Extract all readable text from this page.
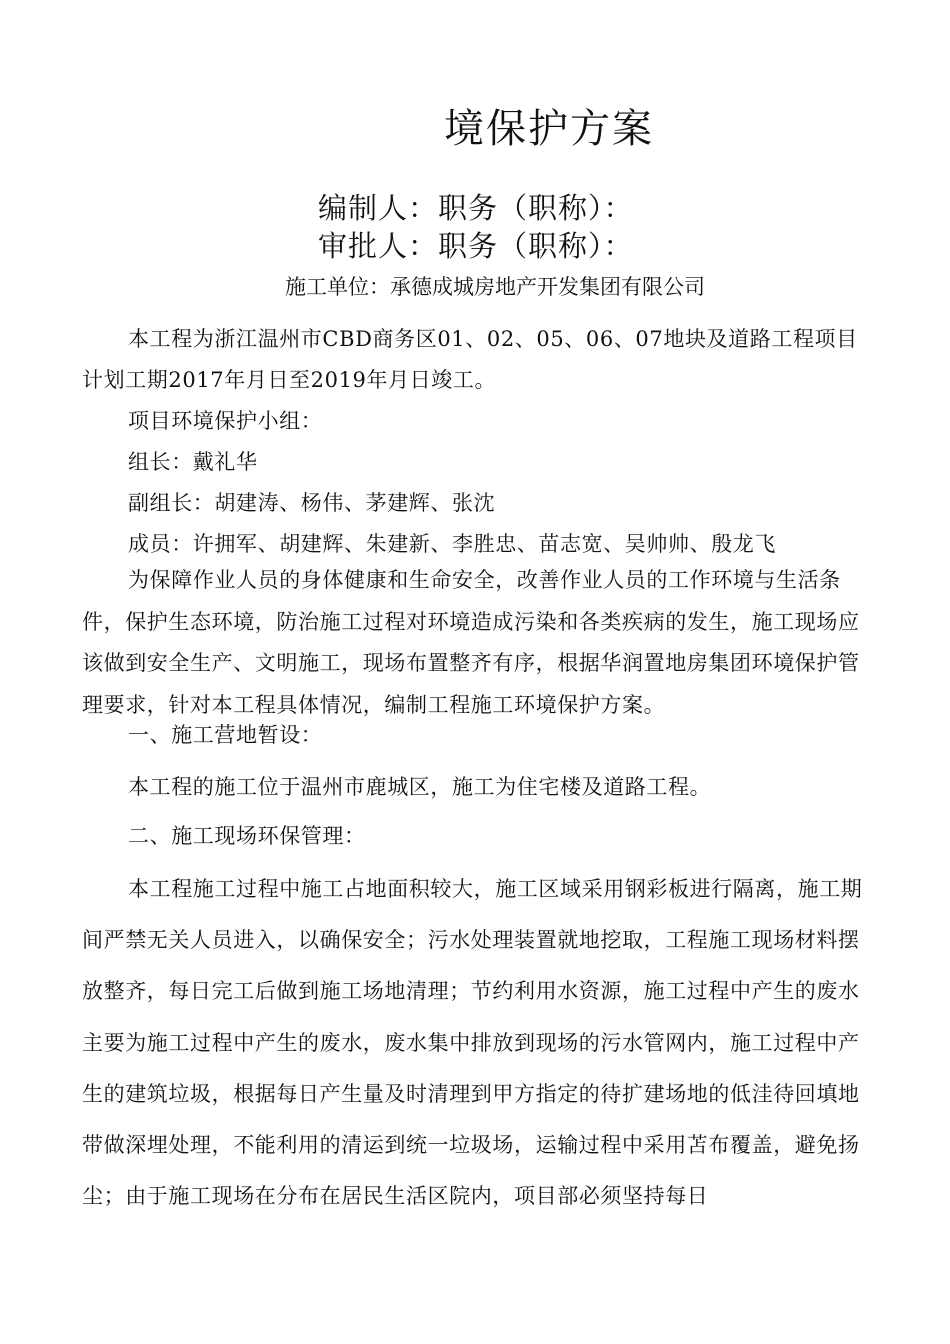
境保护方案
编制人：职务（职称）：
审批人：职务（职称）：
施工单位：承德成城房地产开发集团有限公司

本工程为浙江温州市CBD商务区01、02、05、06、07地块及道路工程项目计划工期2017年月日至2019年月日竣工。

项目环境保护小组：

组长：戴礼华

副组长：胡建涛、杨伟、茅建辉、张沈

成员：许拥军、胡建辉、朱建新、李胜忠、苗志宽、吴帅帅、殷龙飞

为保障作业人员的身体健康和生命安全，改善作业人员的工作环境与生活条件，保护生态环境，防治施工过程对环境造成污染和各类疾病的发生，施工现场应该做到安全生产、文明施工，现场布置整齐有序，根据华润置地房集团环境保护管理要求，针对本工程具体情况，编制工程施工环境保护方案。

一、施工营地暂设：
本工程的施工位于温州市鹿城区，施工为住宅楼及道路工程。
二、施工现场环保管理：

本工程施工过程中施工占地面积较大，施工区域采用钢彩板进行隔离，施工期间严禁无关人员进入，以确保安全；污水处理装置就地挖取，工程施工现场材料摆放整齐，每日完工后做到施工场地清理；节约利用水资源，施工过程中产生的废水主要为施工过程中产生的废水，废水集中排放到现场的污水管网内，施工过程中产生的建筑垃圾，根据每日产生量及时清理到甲方指定的待扩建场地的低洼待回填地带做深埋处理，不能利用的清运到统一垃圾场，运输过程中采用苫布覆盖，避免扬尘；由于施工现场在分布在居民生活区院内，项目部必须坚持每日
